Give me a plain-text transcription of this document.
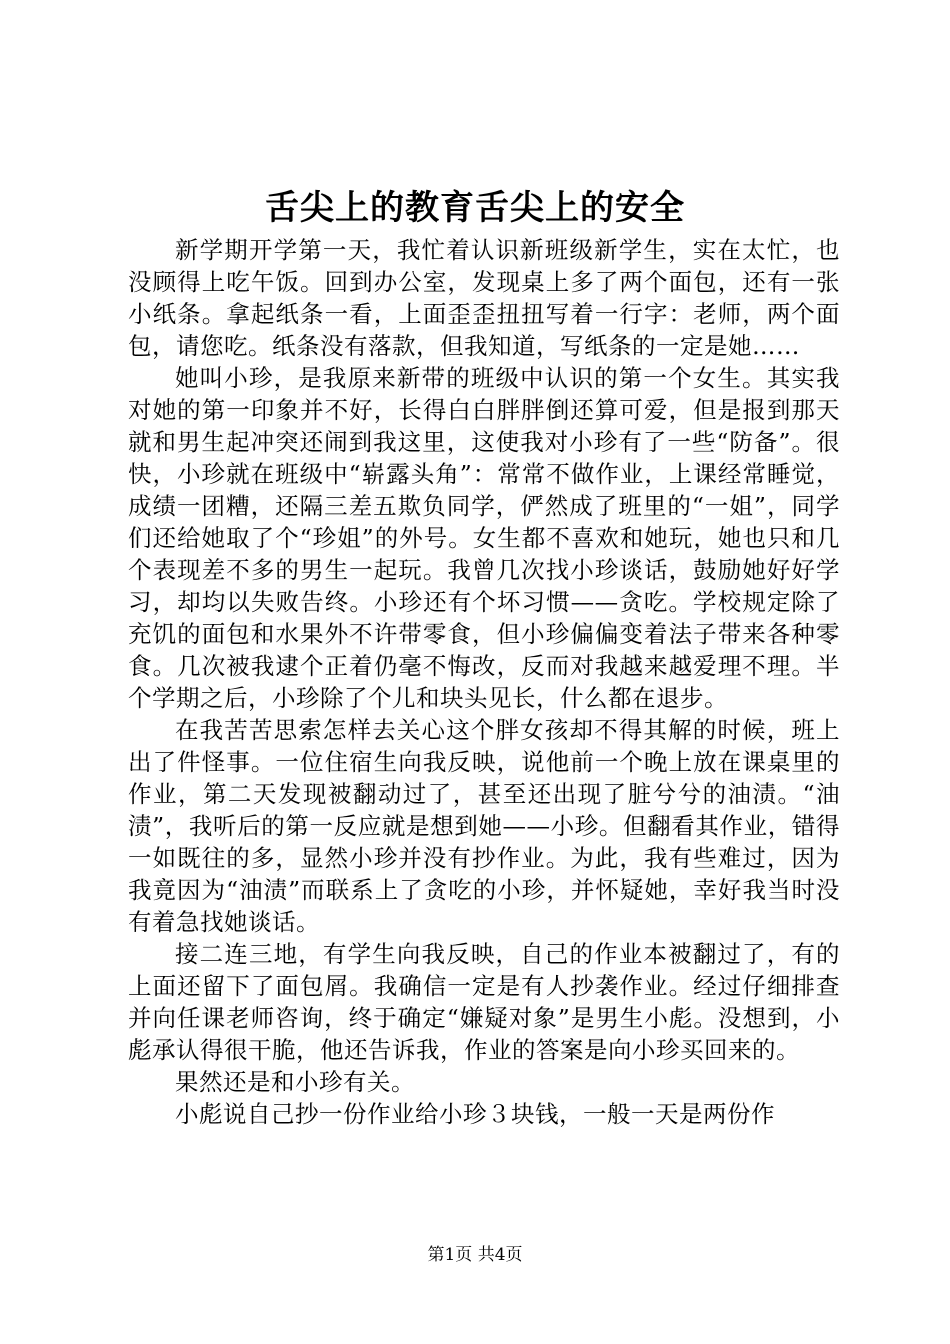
舌尖上的教育舌尖上的安全

新学期开学第一天，我忙着认识新班级新学生，实在太忙，也没顾得上吃午饭。回到办公室，发现桌上多了两个面包，还有一张小纸条。拿起纸条一看，上面歪歪扭扭写着一行字：老师，两个面包，请您吃。纸条没有落款，但我知道，写纸条的一定是她……

她叫小珍，是我原来新带的班级中认识的第一个女生。其实我对她的第一印象并不好，长得白白胖胖倒还算可爱，但是报到那天就和男生起冲突还闹到我这里，这使我对小珍有了一些“防备”。很快，小珍就在班级中“崭露头角”：常常不做作业，上课经常睡觉，成绩一团糟，还隔三差五欺负同学，俨然成了班里的“一姐”，同学们还给她取了个“珍姐”的外号。女生都不喜欢和她玩，她也只和几个表现差不多的男生一起玩。我曾几次找小珍谈话，鼓励她好好学习，却均以失败告终。小珍还有个坏习惯——贪吃。学校规定除了充饥的面包和水果外不许带零食，但小珍偏偏变着法子带来各种零食。几次被我逮个正着仍毫不悔改，反而对我越来越爱理不理。半个学期之后，小珍除了个儿和块头见长，什么都在退步。

在我苦苦思索怎样去关心这个胖女孩却不得其解的时候，班上出了件怪事。一位住宿生向我反映，说他前一个晚上放在课桌里的作业，第二天发现被翻动过了，甚至还出现了脏兮兮的油渍。“油渍”，我听后的第一反应就是想到她——小珍。但翻看其作业，错得一如既往的多，显然小珍并没有抄作业。为此，我有些难过，因为我竟因为“油渍”而联系上了贪吃的小珍，并怀疑她，幸好我当时没有着急找她谈话。

接二连三地，有学生向我反映，自己的作业本被翻过了，有的上面还留下了面包屑。我确信一定是有人抄袭作业。经过仔细排查并向任课老师咨询，终于确定“嫌疑对象”是男生小彪。没想到，小彪承认得很干脆，他还告诉我，作业的答案是向小珍买回来的。

果然还是和小珍有关。

小彪说自己抄一份作业给小珍３块钱，一般一天是两份作

第1页 共4页
